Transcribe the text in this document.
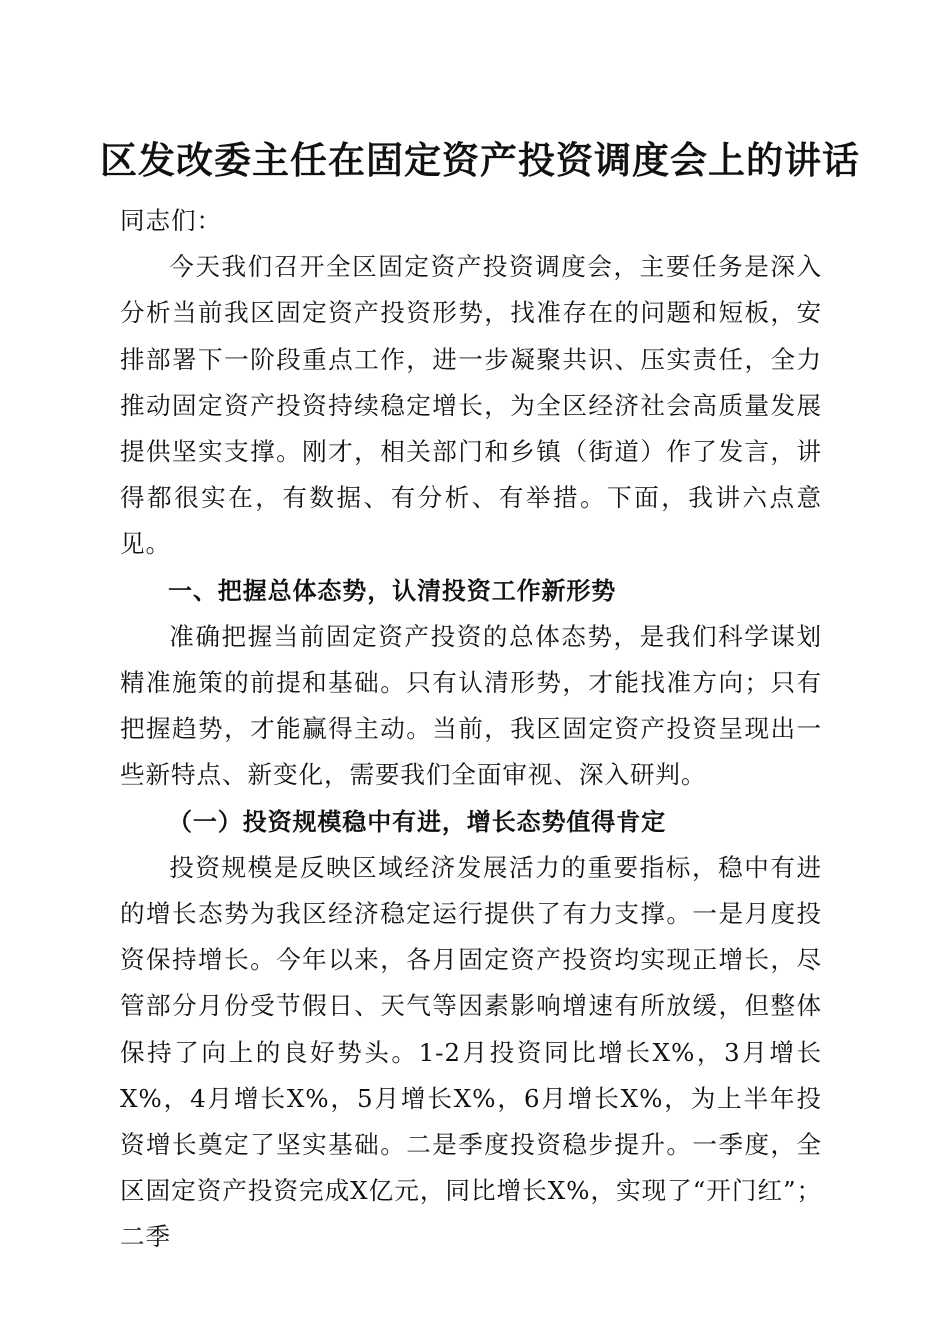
区发改委主任在固定资产投资调度会上的讲话

同志们：

今天我们召开全区固定资产投资调度会，主要任务是深入分析当前我区固定资产投资形势，找准存在的问题和短板，安排部署下一阶段重点工作，进一步凝聚共识、压实责任，全力推动固定资产投资持续稳定增长，为全区经济社会高质量发展提供坚实支撑。刚才，相关部门和乡镇（街道）作了发言，讲得都很实在，有数据、有分析、有举措。下面，我讲六点意见。

一、把握总体态势，认清投资工作新形势

准确把握当前固定资产投资的总体态势，是我们科学谋划精准施策的前提和基础。只有认清形势，才能找准方向；只有把握趋势，才能赢得主动。当前，我区固定资产投资呈现出一些新特点、新变化，需要我们全面审视、深入研判。

（一）投资规模稳中有进，增长态势值得肯定

投资规模是反映区域经济发展活力的重要指标，稳中有进的增长态势为我区经济稳定运行提供了有力支撑。一是月度投资保持增长。今年以来，各月固定资产投资均实现正增长，尽管部分月份受节假日、天气等因素影响增速有所放缓，但整体保持了向上的良好势头。1-2月投资同比增长X%，3月增长X%，4月增长X%，5月增长X%，6月增长X%，为上半年投资增长奠定了坚实基础。二是季度投资稳步提升。一季度，全区固定资产投资完成X亿元，同比增长X%，实现了“开门红”；二季
